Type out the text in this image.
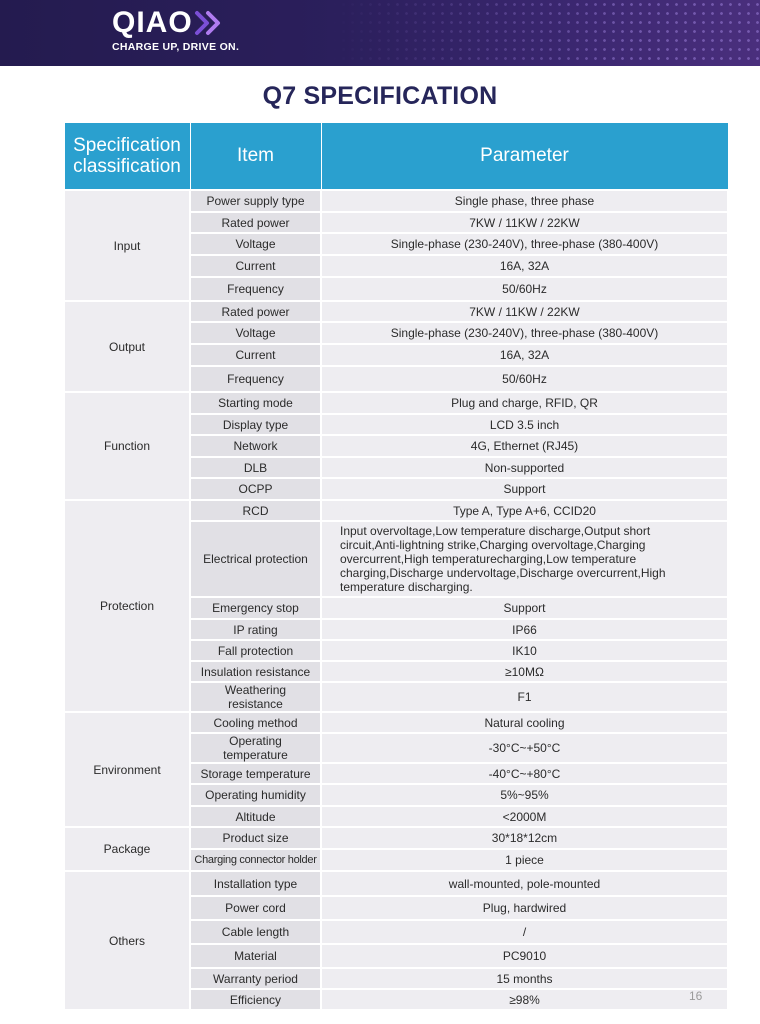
QIAO
CHARGE UP, DRIVE ON.
Q7 SPECIFICATION
Specification classification	Item	Parameter
Input	Power supply type	Single phase, three phase
	Rated power	7KW / 11KW / 22KW
	Voltage	Single-phase (230-240V), three-phase (380-400V)
	Current	16A, 32A
	Frequency	50/60Hz
Output	Rated power	7KW / 11KW / 22KW
	Voltage	Single-phase (230-240V), three-phase (380-400V)
	Current	16A, 32A
	Frequency	50/60Hz
Function	Starting mode	Plug and charge, RFID, QR
	Display type	LCD 3.5 inch
	Network	4G, Ethernet (RJ45)
	DLB	Non-supported
	OCPP	Support
Protection	RCD	Type A, Type A+6, CCID20
	Electrical protection	Input overvoltage,Low temperature discharge,Output short circuit,Anti-lightning strike,Charging overvoltage,Charging overcurrent,High temperaturecharging,Low temperature charging,Discharge undervoltage,Discharge overcurrent,High temperature discharging.
	Emergency stop	Support
	IP rating	IP66
	Fall protection	IK10
	Insulation resistance	≥10MΩ
	Weathering resistance	F1
Environment	Cooling method	Natural cooling
	Operating temperature	-30°C~+50°C
	Storage temperature	-40°C~+80°C
	Operating humidity	5%~95%
	Altitude	<2000M
Package	Product size	30*18*12cm
	Charging connector holder	1 piece
Others	Installation type	wall-mounted, pole-mounted
	Power cord	Plug, hardwired
	Cable length	/
	Material	PC9010
	Warranty period	15 months
	Efficiency	≥98%	16
